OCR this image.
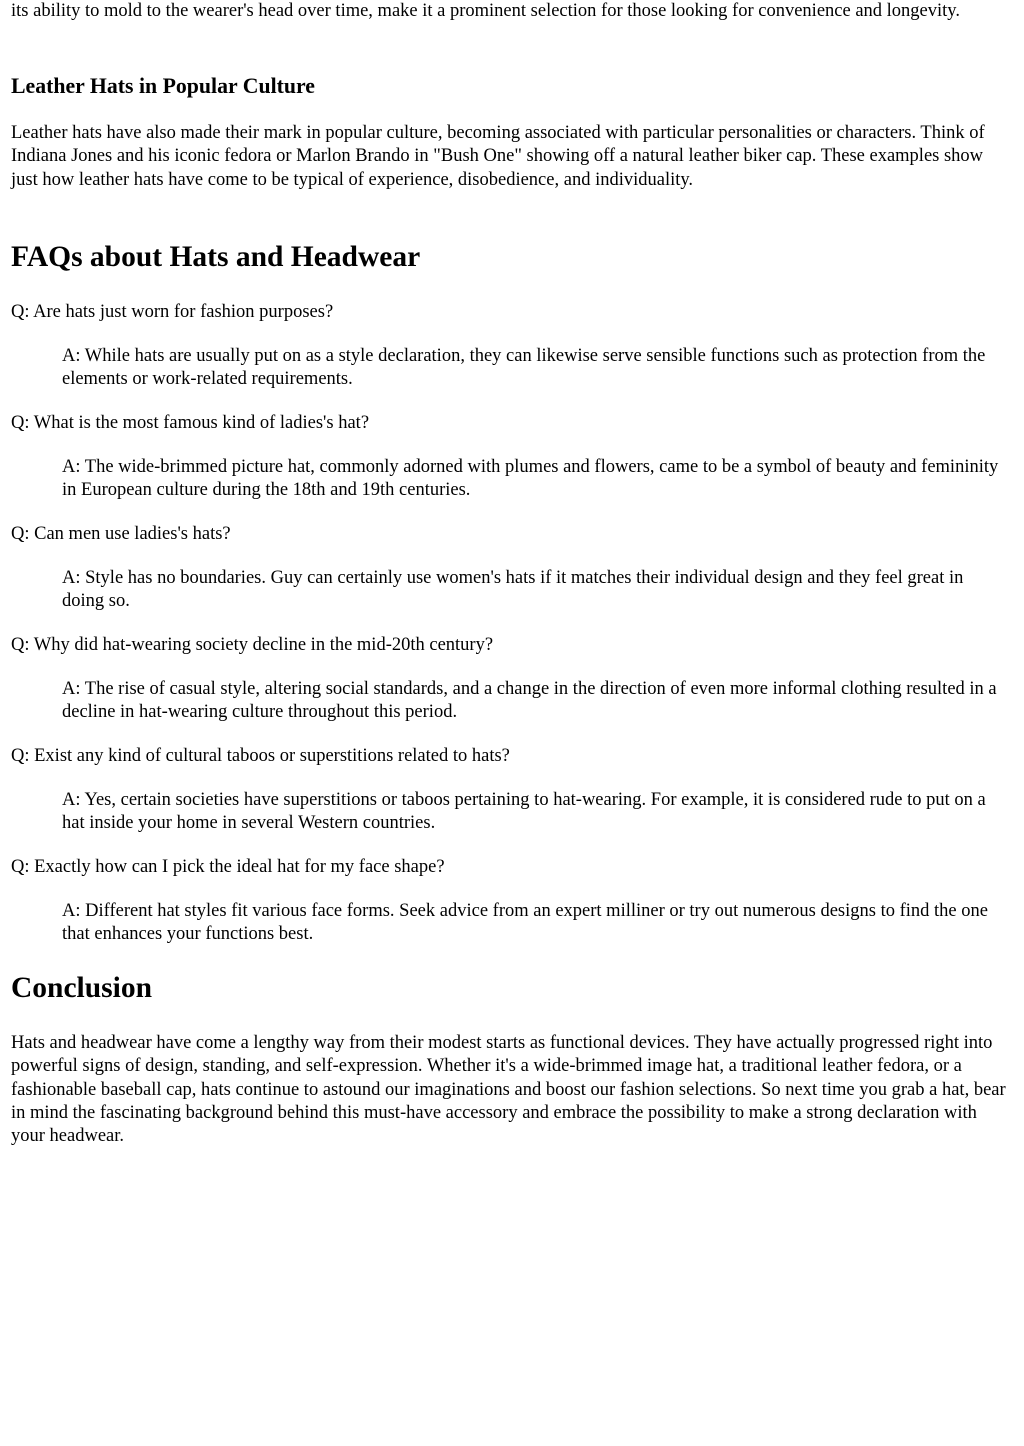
its ability to mold to the wearer's head over time, make it a prominent selection for those looking for convenience and longevity.

Leather Hats in Popular Culture

Leather hats have also made their mark in popular culture, becoming associated with particular personalities or characters. Think of Indiana Jones and his iconic fedora or Marlon Brando in "Bush One" showing off a natural leather biker cap. These examples show just how leather hats have come to be typical of experience, disobedience, and individuality.

FAQs about Hats and Headwear

Q: Are hats just worn for fashion purposes?

A: While hats are usually put on as a style declaration, they can likewise serve sensible functions such as protection from the elements or work-related requirements.

Q: What is the most famous kind of ladies's hat?

A: The wide-brimmed picture hat, commonly adorned with plumes and flowers, came to be a symbol of beauty and femininity in European culture during the 18th and 19th centuries.

Q: Can men use ladies's hats?

A: Style has no boundaries. Guy can certainly use women's hats if it matches their individual design and they feel great in doing so.

Q: Why did hat-wearing society decline in the mid-20th century?

A: The rise of casual style, altering social standards, and a change in the direction of even more informal clothing resulted in a decline in hat-wearing culture throughout this period.

Q: Exist any kind of cultural taboos or superstitions related to hats?

A: Yes, certain societies have superstitions or taboos pertaining to hat-wearing. For example, it is considered rude to put on a hat inside your home in several Western countries.

Q: Exactly how can I pick the ideal hat for my face shape?

A: Different hat styles fit various face forms. Seek advice from an expert milliner or try out numerous designs to find the one that enhances your functions best.

Conclusion

Hats and headwear have come a lengthy way from their modest starts as functional devices. They have actually progressed right into powerful signs of design, standing, and self-expression. Whether it's a wide-brimmed image hat, a traditional leather fedora, or a fashionable baseball cap, hats continue to astound our imaginations and boost our fashion selections. So next time you grab a hat, bear in mind the fascinating background behind this must-have accessory and embrace the possibility to make a strong declaration with your headwear.
